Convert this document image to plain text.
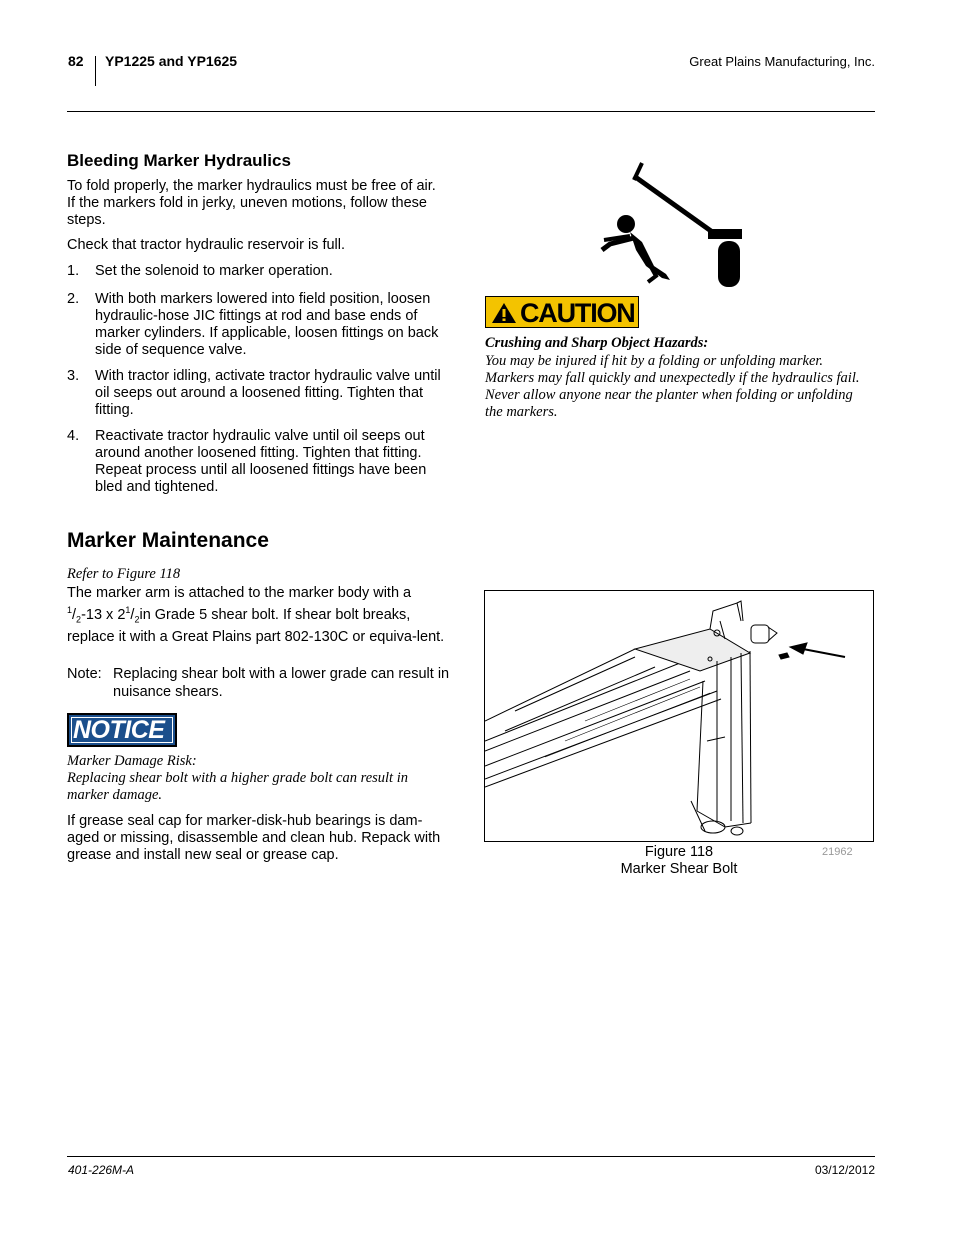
82 YP1225 and YP1625	Great Plains Manufacturing, Inc.
Bleeding Marker Hydraulics

To fold properly, the marker hydraulics must be free of air. If the markers fold in jerky, uneven motions, follow these steps.

Check that tractor hydraulic reservoir is full.

1. Set the solenoid to marker operation.
2. With both markers lowered into field position, loosen hydraulic-hose JIC fittings at rod and base ends of marker cylinders. If applicable, loosen fittings on back side of sequence valve.
3. With tractor idling, activate tractor hydraulic valve until oil seeps out around a loosened fitting. Tighten that fitting.
4. Reactivate tractor hydraulic valve until oil seeps out around another loosened fitting. Tighten that fitting. Repeat process until all loosened fittings have been bled and tightened.
CAUTION
Crushing and Sharp Object Hazards:
You may be injured if hit by a folding or unfolding marker. Markers may fall quickly and unexpectedly if the hydraulics fail. Never allow anyone near the planter when folding or unfolding the markers.
Marker Maintenance
Refer to Figure 118
The marker arm is attached to the marker body with a
$^1/_2-13$ x $2^1/_2in$ Grade 5 shear bolt. If shear bolt breaks, replace it with a Great Plains part 802-130C or equiva-lent.
Note: Replacing shear bolt with a lower grade can result in nuisance shears.
NOTICE
Marker Damage Risk:
Replacing shear bolt with a higher grade bolt can result in marker damage.

If grease seal cap for marker-disk-hub bearings is dam-aged or missing, disassemble and clean hub. Repack with grease and install new seal or grease cap.	Figure 118
Marker Shear Bolt
21962
401-226M-A	03/12/2012
